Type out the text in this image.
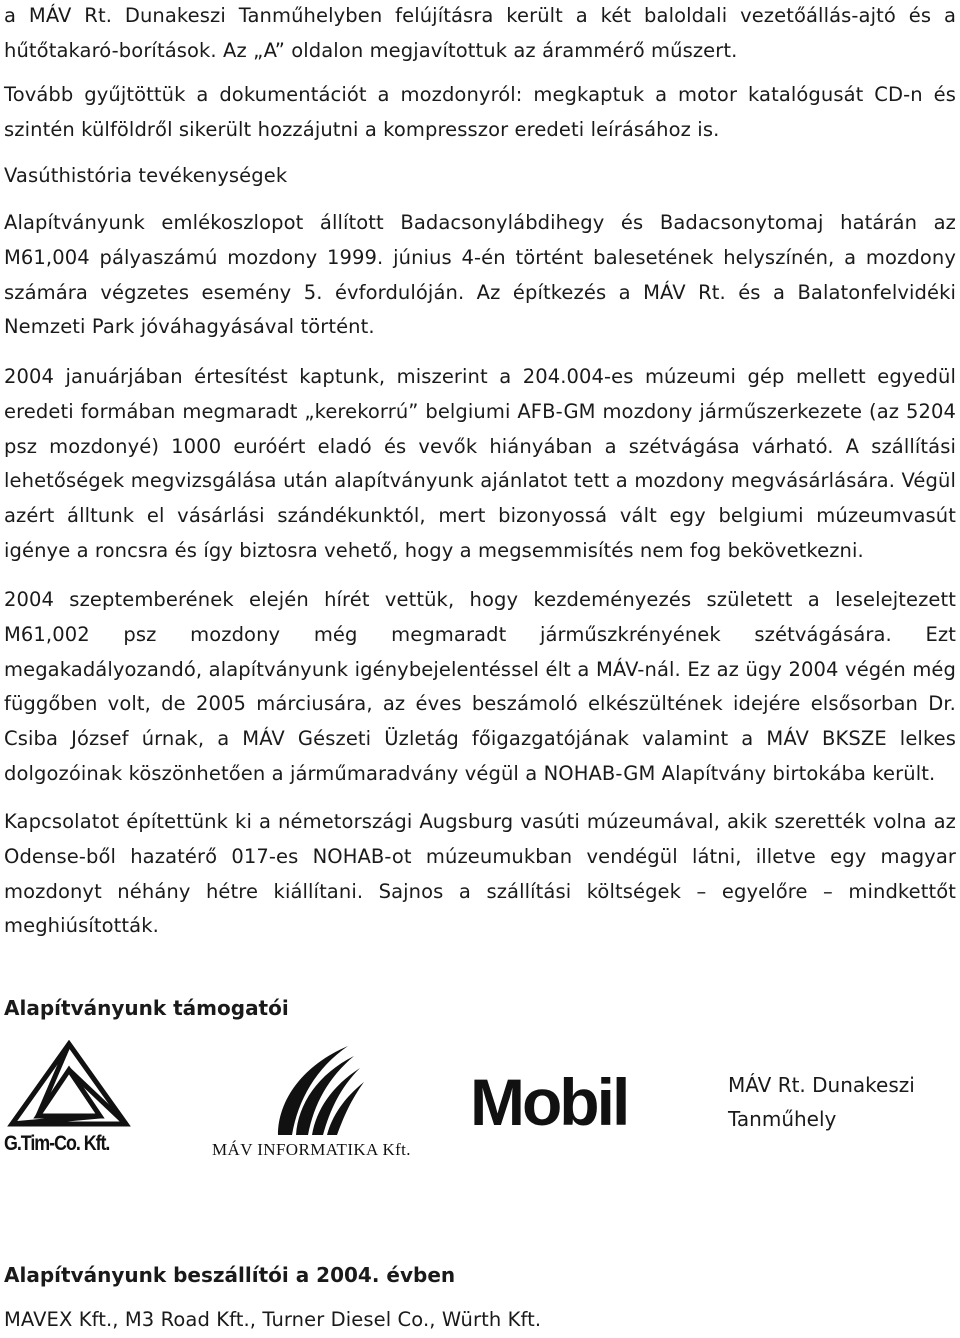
a MÁV Rt. Dunakeszi Tanműhelyben felújításra került a két baloldali vezetőállás-ajtó és a hűtőtakaró-borítások. Az „A” oldalon megjavítottuk az árammérő műszert.

Tovább gyűjtöttük a dokumentációt a mozdonyról: megkaptuk a motor katalógusát CD-n és szintén külföldről sikerült hozzájutni a kompresszor eredeti leírásához is.

Vasúthistória tevékenységek

Alapítványunk emlékoszlopot állított Badacsonylábdihegy és Badacsonytomaj határán az M61,004 pályaszámú mozdony 1999. június 4-én történt balesetének helyszínén, a mozdony számára végzetes esemény 5. évfordulóján. Az építkezés a MÁV Rt. és a Balatonfelvidéki Nemzeti Park jóváhagyásával történt.

2004 januárjában értesítést kaptunk, miszerint a 204.004-es múzeumi gép mellett egyedül eredeti formában megmaradt „kerekorrú” belgiumi AFB-GM mozdony járműszerkezete (az 5204 psz mozdonyé) 1000 euróért eladó és vevők hiányában a szétvágása várható. A szállítási lehetőségek megvizsgálása után alapítványunk ajánlatot tett a mozdony megvásárlására. Végül azért álltunk el vásárlási szándékunktól, mert bizonyossá vált egy belgiumi múzeumvasút igénye a roncsra és így biztosra vehető, hogy a megsemmisítés nem fog bekövetkezni.

2004 szeptemberének elején hírét vettük, hogy kezdeményezés született a leselejtezett M61,002 psz mozdony még megmaradt járműszkrényének szétvágására. Ezt megakadályozandó, alapítványunk igénybejelentéssel élt a MÁV-nál. Ez az ügy 2004 végén még függőben volt, de 2005 márciusára, az éves beszámoló elkészültének idejére elsősorban Dr. Csiba József úrnak, a MÁV Gészeti Üzletág főigazgatójának valamint a MÁV BKSZE lelkes dolgozóinak köszönhetően a járműmaradvány végül a NOHAB-GM Alapítvány birtokába került.

Kapcsolatot építettünk ki a németországi Augsburg vasúti múzeumával, akik szerették volna az Odense-ből hazatérő 017-es NOHAB-ot múzeumukban vendégül látni, illetve egy magyar mozdonyt néhány hétre kiállítani. Sajnos a szállítási költségek – egyelőre – mindkettőt meghiúsították.

Alapítványunk támogatói
G.Tim-Co. Kft.	MÁV INFORMATIKA Kft.
Mobil	MÁV Rt. Dunakeszi

Tanműhely

Alapítványunk beszállítói a 2004. évben

MAVEX Kft., M3 Road Kft., Turner Diesel Co., Würth Kft.
